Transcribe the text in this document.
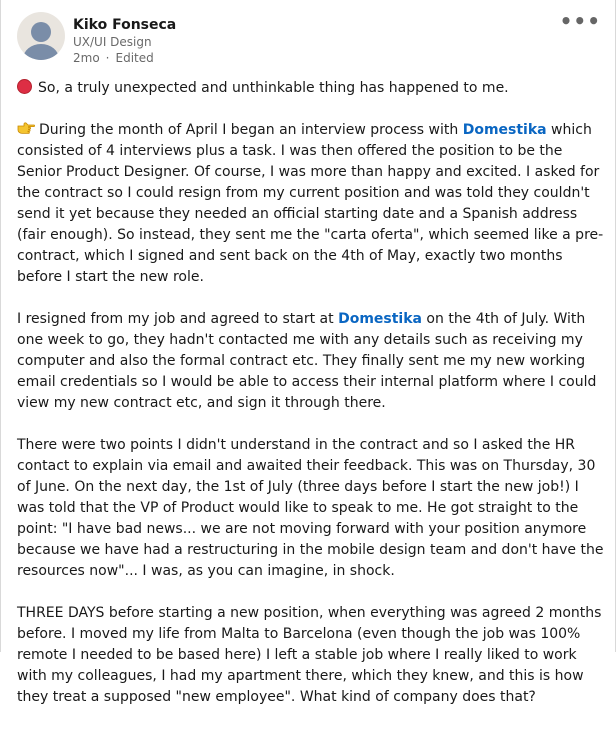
Kiko Fonseca
UX/UI Design
2mo · Edited
•••

So, a truly unexpected and unthinkable thing has happened to me.

During the month of April I began an interview process with Domestika which consisted of 4 interviews plus a task. I was then offered the position to be the Senior Product Designer. Of course, I was more than happy and excited. I asked for the contract so I could resign from my current position and was told they couldn't send it yet because they needed an official starting date and a Spanish address (fair enough). So instead, they sent me the "carta oferta", which seemed like a pre-contract, which I signed and sent back on the 4th of May, exactly two months before I start the new role.

I resigned from my job and agreed to start at Domestika on the 4th of July. With one week to go, they hadn't contacted me with any details such as receiving my computer and also the formal contract etc. They finally sent me my new working email credentials so I would be able to access their internal platform where I could view my new contract etc, and sign it through there.

There were two points I didn't understand in the contract and so I asked the HR contact to explain via email and awaited their feedback. This was on Thursday, 30 of June. On the next day, the 1st of July (three days before I start the new job!) I was told that the VP of Product would like to speak to me. He got straight to the point: "I have bad news... we are not moving forward with your position anymore because we have had a restructuring in the mobile design team and don't have the resources now"... I was, as you can imagine, in shock.

THREE DAYS before starting a new position, when everything was agreed 2 months before. I moved my life from Malta to Barcelona (even though the job was 100% remote I needed to be based here) I left a stable job where I really liked to work with my colleagues, I had my apartment there, which they knew, and this is how they treat a supposed "new employee". What kind of company does that?
